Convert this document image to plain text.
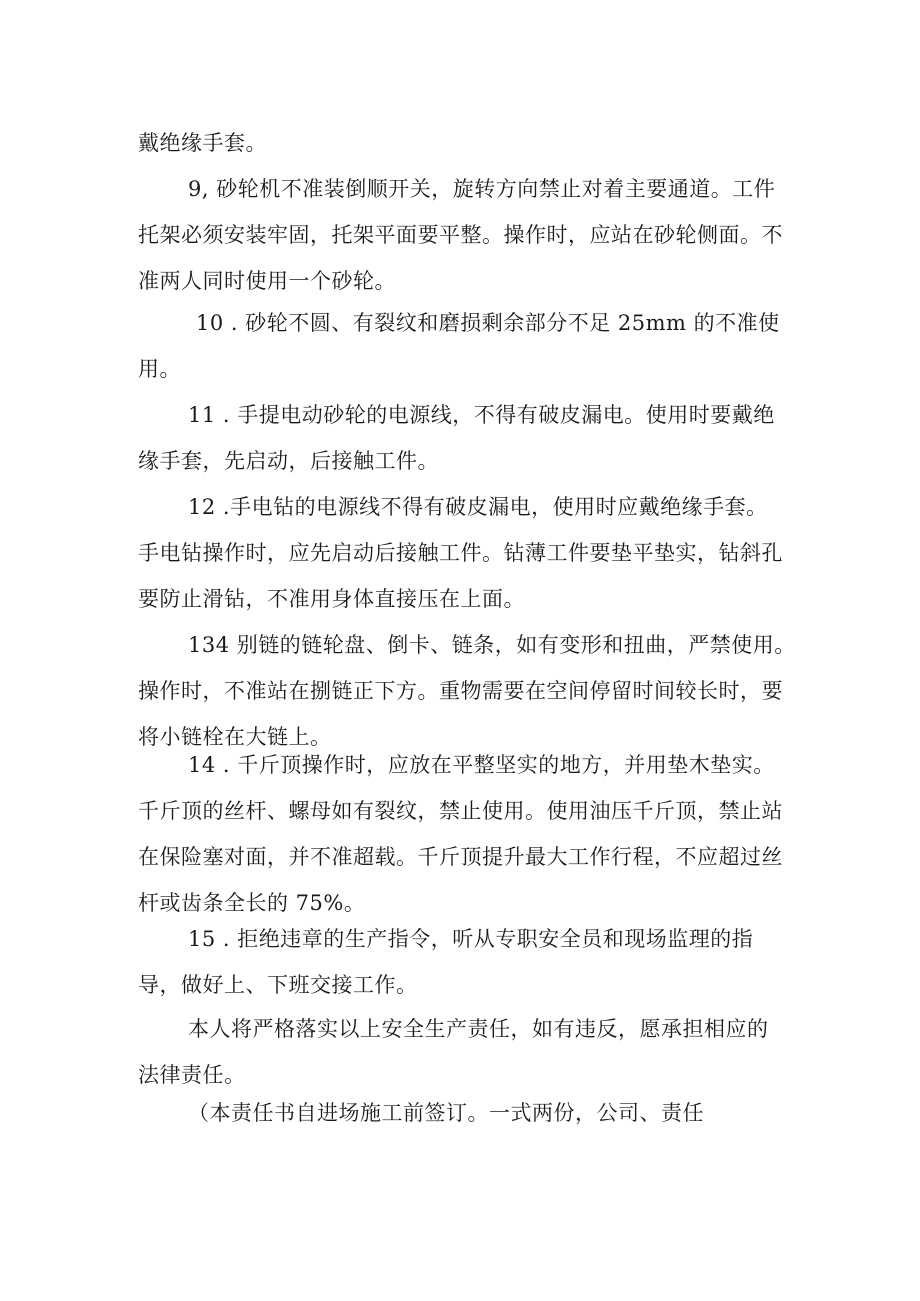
戴绝缘手套。

9, 砂轮机不准装倒顺开关，旋转方向禁止对着主要通道。工件
托架必须安装牢固，托架平面要平整。操作时，应站在砂轮侧面。不
准两人同时使用一个砂轮。

10 . 砂轮不圆、有裂纹和磨损剩余部分不足 25mm 的不准使
用。

11 . 手提电动砂轮的电源线，不得有破皮漏电。使用时要戴绝
缘手套，先启动，后接触工件。

12 .手电钻的电源线不得有破皮漏电，使用时应戴绝缘手套。
手电钻操作时，应先启动后接触工件。钻薄工件要垫平垫实，钻斜孔
要防止滑钻，不准用身体直接压在上面。

134 别链的链轮盘、倒卡、链条，如有变形和扭曲，严禁使用。
操作时，不准站在捌链正下方。重物需要在空间停留时间较长时，要
将小链栓在大链上。

14 . 千斤顶操作时，应放在平整坚实的地方，并用垫木垫实。
千斤顶的丝杆、螺母如有裂纹，禁止使用。使用油压千斤顶，禁止站
在保险塞对面，并不准超载。千斤顶提升最大工作行程，不应超过丝
杆或齿条全长的 75%。

15 . 拒绝违章的生产指令，听从专职安全员和现场监理的指
导，做好上、下班交接工作。

本人将严格落实以上安全生产责任，如有违反，愿承担相应的
法律责任。

（本责任书自进场施工前签订。一式两份，公司、责任
